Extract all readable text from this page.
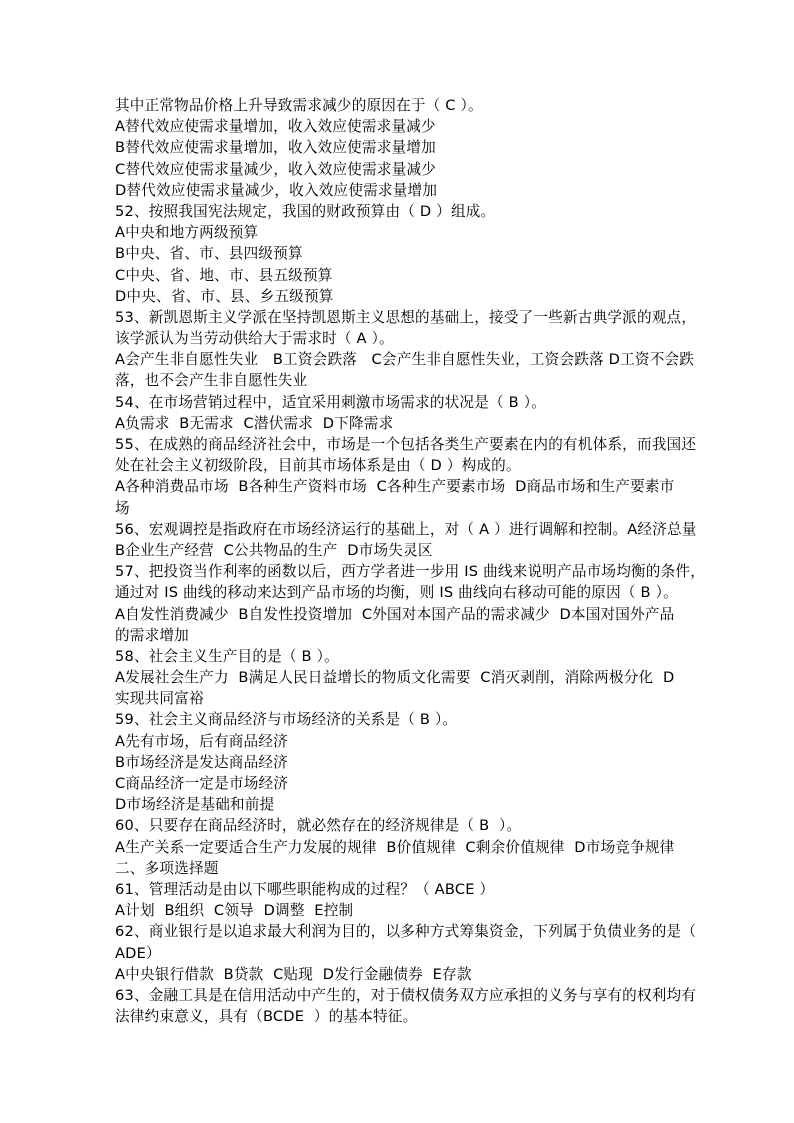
其中正常物品价格上升导致需求减少的原因在于（ C ）。
A替代效应使需求量增加，收入效应使需求量减少
B替代效应使需求量增加，收入效应使需求量增加
C替代效应使需求量减少，收入效应使需求量减少
D替代效应使需求量减少，收入效应使需求量增加
52、按照我国宪法规定，我国的财政预算由（ D ）组成。
A中央和地方两级预算
B中央、省、市、县四级预算
C中央、省、地、市、县五级预算
D中央、省、市、县、乡五级预算
53、新凯恩斯主义学派在坚持凯恩斯主义思想的基础上，接受了一些新古典学派的观点，
该学派认为当劳动供给大于需求时（ A ）。
A会产生非自愿性失业   B工资会跌落   C会产生非自愿性失业，工资会跌落 D工资不会跌
落，也不会产生非自愿性失业
54、在市场营销过程中，适宜采用刺激市场需求的状况是（ B ）。
A负需求  B无需求  C潜伏需求  D下降需求
55、在成熟的商品经济社会中，市场是一个包括各类生产要素在内的有机体系，而我国还
处在社会主义初级阶段，目前其市场体系是由（ D ）构成的。
A各种消费品市场  B各种生产资料市场  C各种生产要素市场  D商品市场和生产要素市
场
56、宏观调控是指政府在市场经济运行的基础上，对（ A ）进行调解和控制。A经济总量
B企业生产经营  C公共物品的生产  D市场失灵区
57、把投资当作利率的函数以后，西方学者进一步用 IS 曲线来说明产品市场均衡的条件，
通过对 IS 曲线的移动来达到产品市场的均衡，则 IS 曲线向右移动可能的原因（ B ）。
A自发性消费减少  B自发性投资增加  C外国对本国产品的需求减少  D本国对国外产品
的需求增加
58、社会主义生产目的是（ B ）。
A发展社会生产力  B满足人民日益增长的物质文化需要  C消灭剥削，消除两极分化  D
实现共同富裕
59、社会主义商品经济与市场经济的关系是（ B ）。
A先有市场，后有商品经济
B市场经济是发达商品经济
C商品经济一定是市场经济
D市场经济是基础和前提
60、只要存在商品经济时，就必然存在的经济规律是（ B  ）。
A生产关系一定要适合生产力发展的规律  B价值规律  C剩余价值规律  D市场竞争规律
二、多项选择题
61、管理活动是由以下哪些职能构成的过程？（ ABCE ）
A计划  B组织  C领导  D调整  E控制
62、商业银行是以追求最大利润为目的，以多种方式筹集资金，下列属于负债业务的是（
ADE）
A中央银行借款  B贷款  C贴现  D发行金融债券  E存款
63、金融工具是在信用活动中产生的，对于债权债务双方应承担的义务与享有的权利均有
法律约束意义，具有（BCDE  ）的基本特征。
